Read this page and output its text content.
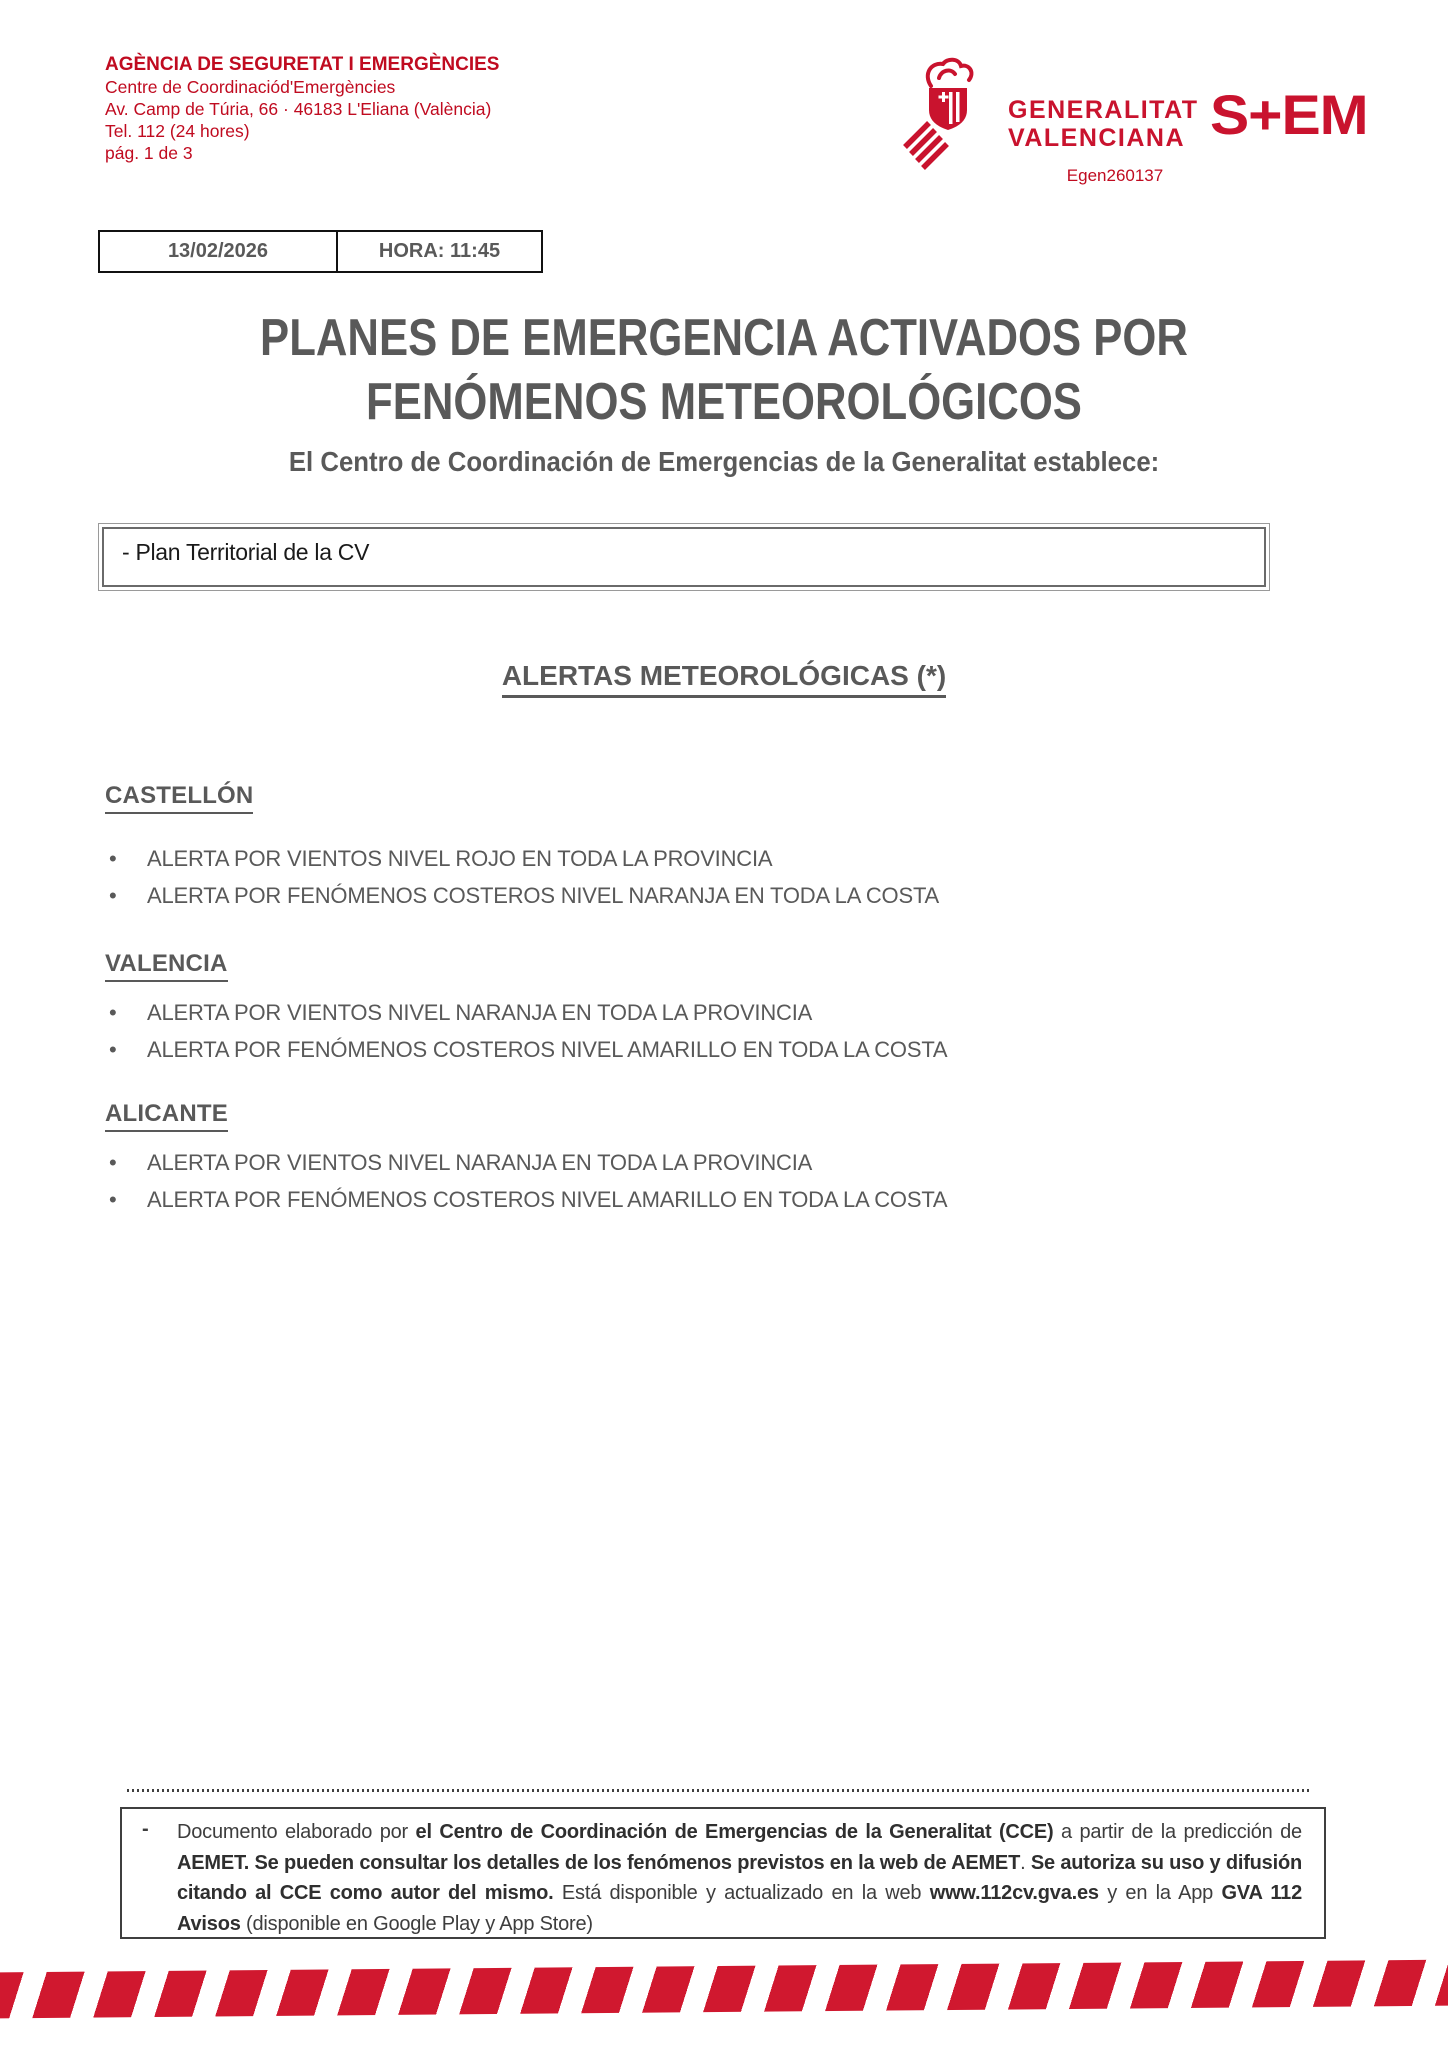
AGÈNCIA DE SEGURETAT I EMERGÈNCIES
Centre de Coordinaciód'Emergències
Av. Camp de Túria, 66 · 46183 L'Eliana (València)
Tel. 112 (24 hores)
pág. 1 de 3
GENERALITAT
VALENCIANA S+EM
Egen260137
13/02/2026	HORA: 11:45
PLANES DE EMERGENCIA ACTIVADOS POR
FENÓMENOS METEOROLÓGICOS
El Centro de Coordinación de Emergencias de la Generalitat establece:
- Plan Territorial de la CV
ALERTAS METEOROLÓGICAS (*)
CASTELLÓN
•	ALERTA POR VIENTOS NIVEL ROJO EN TODA LA PROVINCIA
•	ALERTA POR FENÓMENOS COSTEROS NIVEL NARANJA EN TODA LA COSTA
VALENCIA
•	ALERTA POR VIENTOS NIVEL NARANJA EN TODA LA PROVINCIA
•	ALERTA POR FENÓMENOS COSTEROS NIVEL AMARILLO EN TODA LA COSTA
ALICANTE
•	ALERTA POR VIENTOS NIVEL NARANJA EN TODA LA PROVINCIA
•	ALERTA POR FENÓMENOS COSTEROS NIVEL AMARILLO EN TODA LA COSTA
- Documento elaborado por el Centro de Coordinación de Emergencias de la Generalitat (CCE) a partir de la predicción de AEMET. Se pueden consultar los detalles de los fenómenos previstos en la web de AEMET. Se autoriza su uso y difusión citando al CCE como autor del mismo. Está disponible y actualizado en la web www.112cv.gva.es y en la App GVA 112 Avisos (disponible en Google Play y App Store)
